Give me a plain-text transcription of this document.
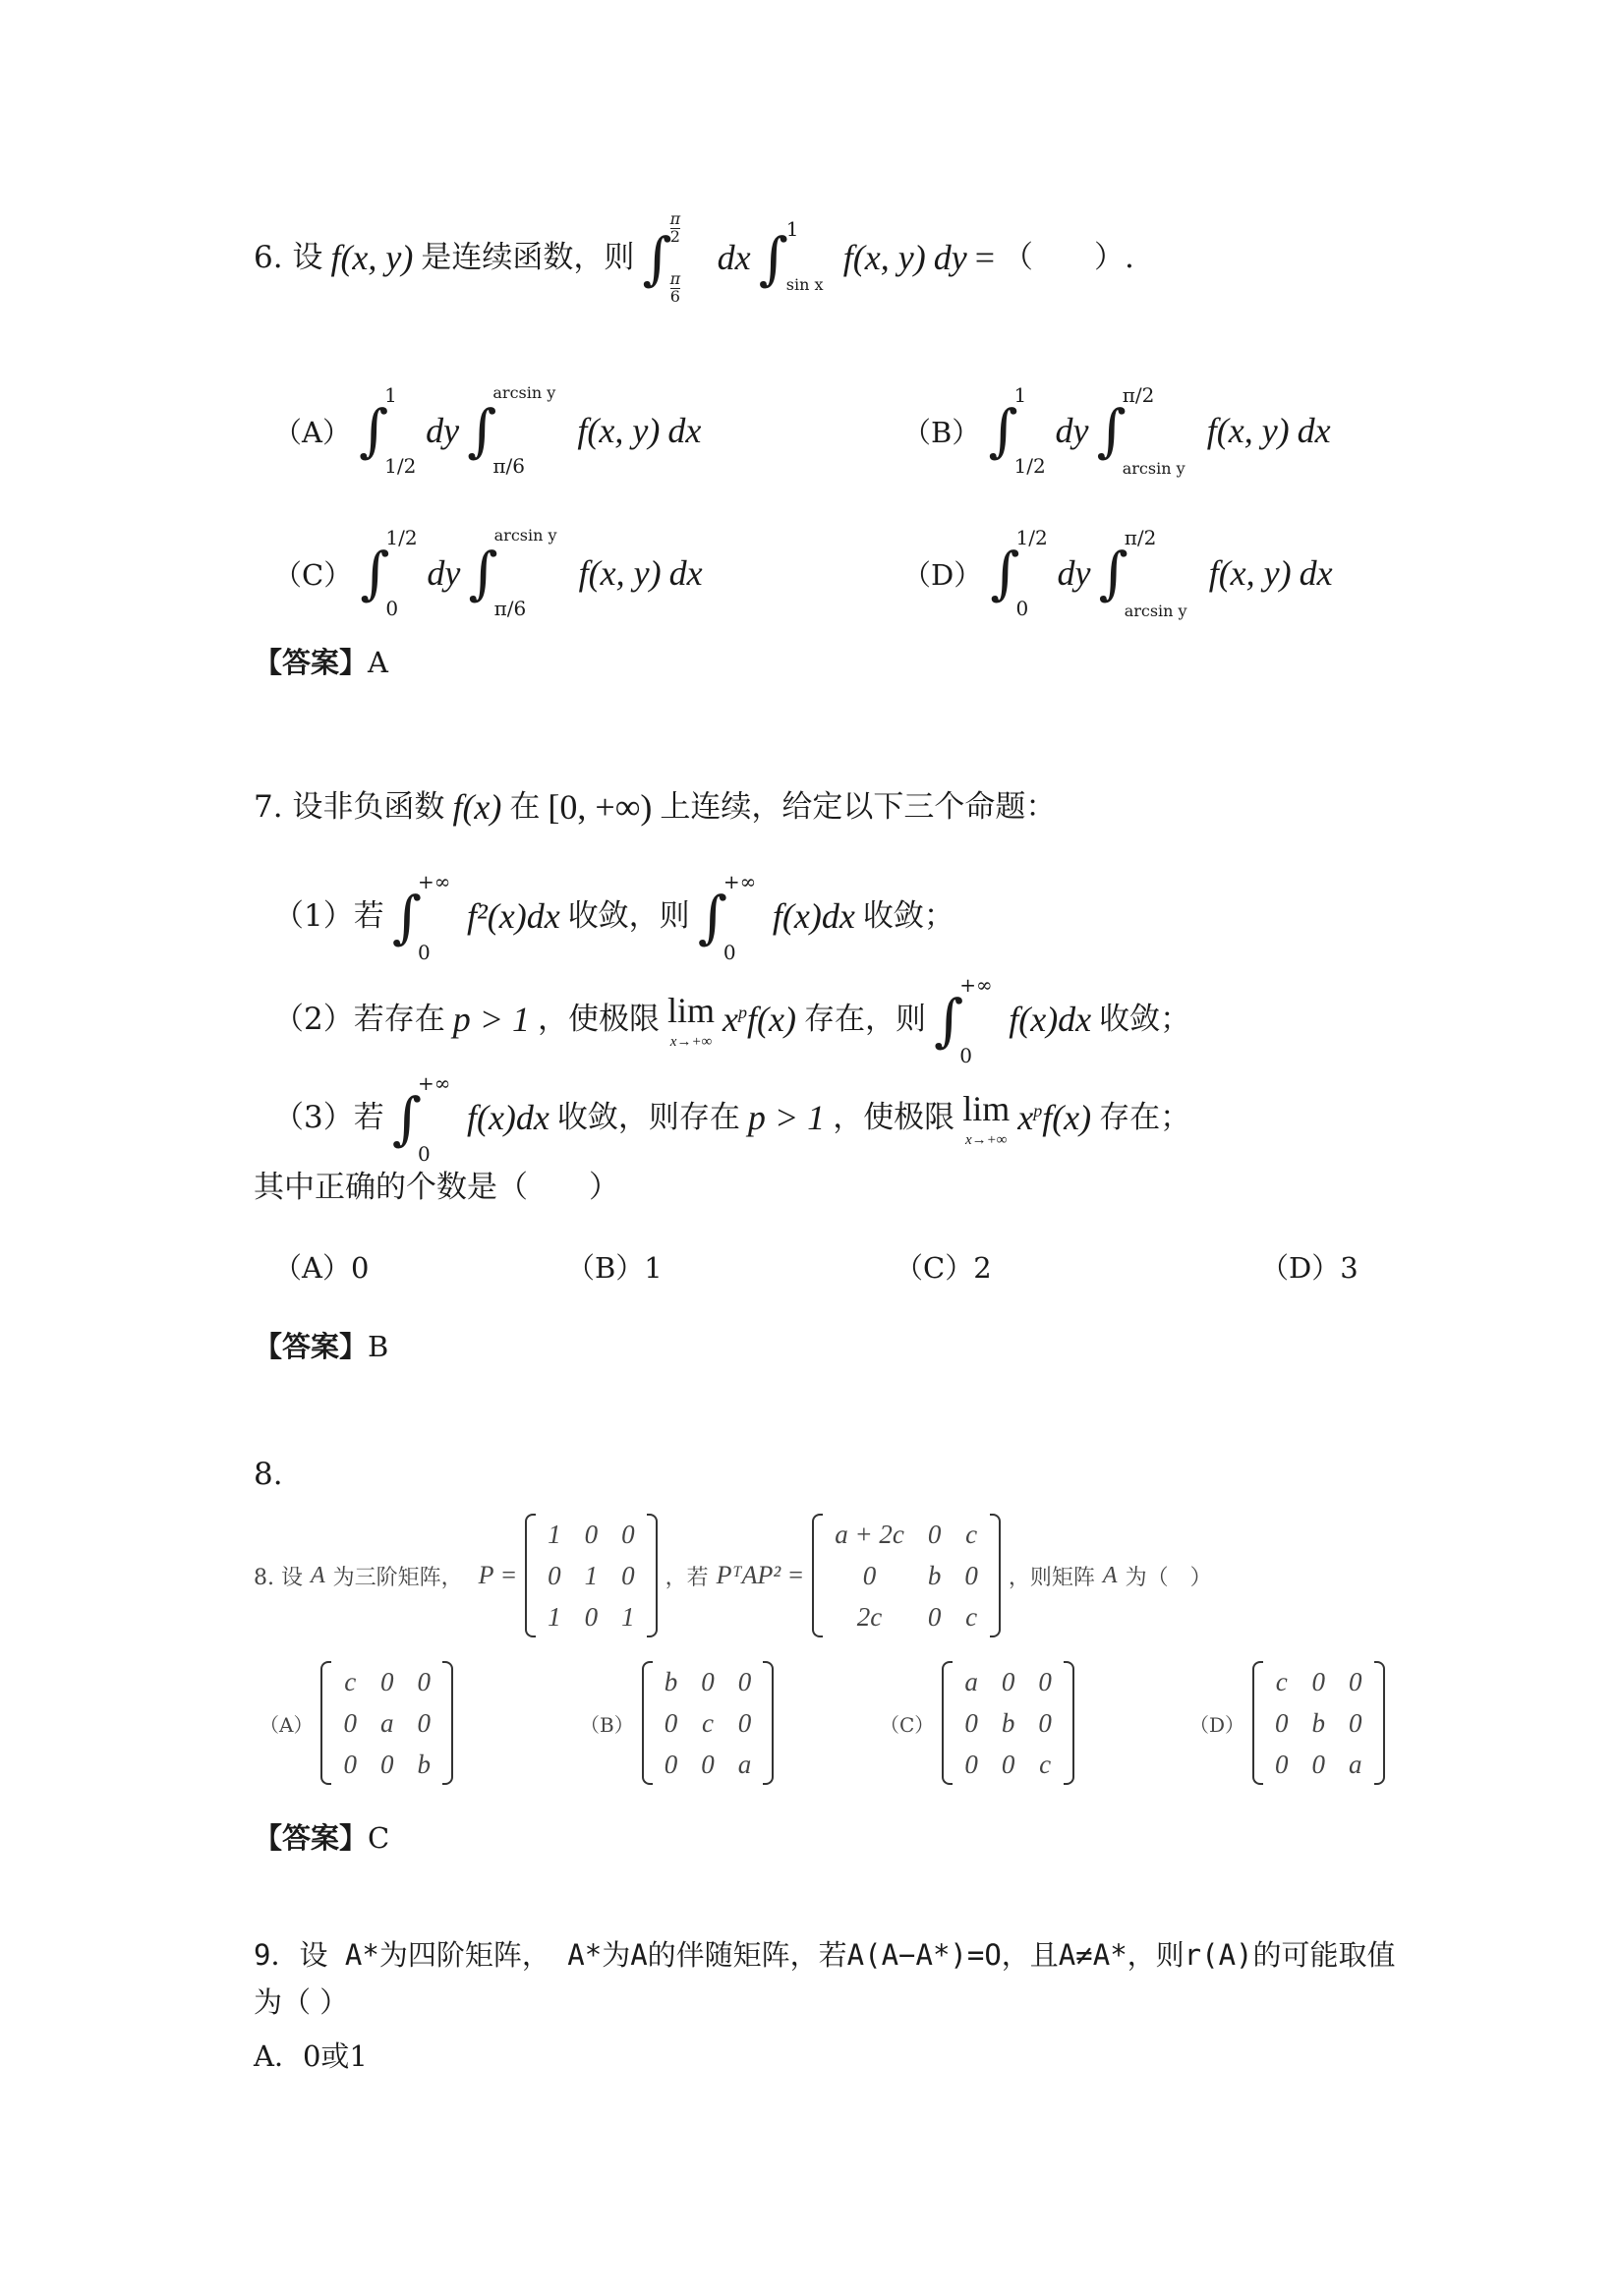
6. 设 f(x, y) 是连续函数，则 ∫
π
2
π
6
dx ∫
1
sin x
f(x, y) dy = （　　）.
（A） ∫
1
1/2
dy ∫
arcsin y
π/6
f(x, y) dx	（B） ∫
1
1/2
dy ∫
π/2
arcsin y
f(x, y) dx
（C） ∫
1/2
0
dy ∫
arcsin y
π/6
f(x, y) dx	（D） ∫
1/2
0
dy ∫
π/2
arcsin y
f(x, y) dx
【答案】A
7. 设非负函数 f(x) 在 [0, +∞) 上连续，给定以下三个命题：
（1）若 ∫
+∞
0
f²(x)dx 收敛，则 ∫
+∞
0
f(x)dx 收敛；
（2）若存在 p > 1 ，使极限 lim
x→+∞
$x^pf(x)$ 存在，则 ∫
+∞
0
f(x)dx 收敛；
（3）若 ∫
+∞
0
f(x)dx 收敛，则存在 p > 1 ，使极限 lim
x→+∞
$x^pf(x)$ 存在；
其中正确的个数是（　　）
（A）0	（B）1	（C）2	（D）3
【答案】B
8.
8. 设 A 为三阶矩阵， P =
1	0	0
0	1	0
1	0	1
，若 PᵀAP² =
a + 2c	0	c
0	b	0
2c	0	c
，则矩阵 A 为（　）
（A）
c	0	0
0	a	0
0	0	b
（B）
b	0	0
0	c	0
0	0	a
（C）
a	0	0
0	b	0
0	0	c
（D）
c	0	0
0	b	0
0	0	a
【答案】C
9．设 A*为四阶矩阵， A*为A的伴随矩阵，若A(A−A*)=O，且A≠A*，则r(A)的可能取值
为（ ）
A．0或1
